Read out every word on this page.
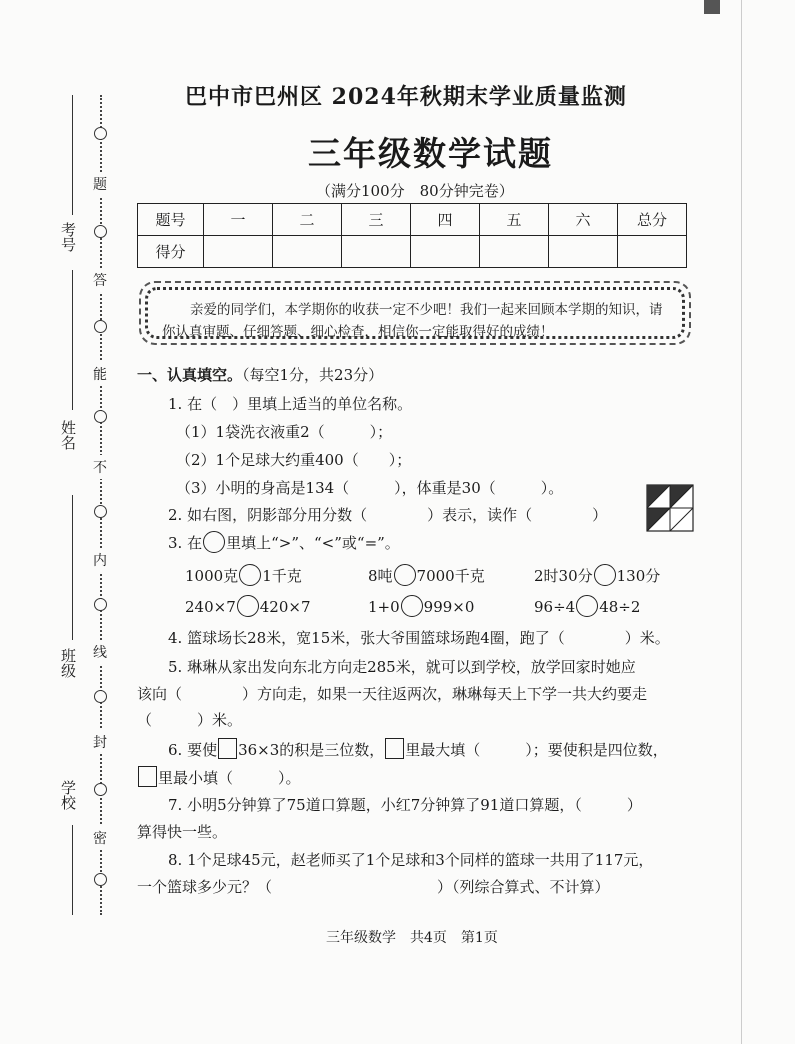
题
答
能
不
内
线
封
密
考号
姓名
班级
学校
巴中市巴州区 2024年秋期末学业质量监测
三年级数学试题
（满分100分　80分钟完卷）
题号	一	二	三	四	五	六	总分
得分							
亲爱的同学们，本学期你的收获一定不少吧！我们一起来回顾本学期的知识，请你认真审题、仔细答题、细心检查，相信你一定能取得好的成绩！
一、认真填空。（每空1分，共23分）
1. 在（　）里填上适当的单位名称。
（1）1袋洗衣液重2（　　　）；
（2）1个足球大约重400（　　）；
（3）小明的身高是134（　　　），体重是30（　　　）。
2. 如右图，阴影部分用分数（　　　　）表示，读作（　　　　）
3. 在 里填上“>”、“<”或“=”。
1000克 1千克	8吨 7000千克	2时30分 130分
240×7 420×7	1+0 999×0	96÷4 48÷2
4. 篮球场长28米，宽15米，张大爷围篮球场跑4圈，跑了（　　　　）米。
5. 琳琳从家出发向东北方向走285米，就可以到学校，放学回家时她应
该向（　　　　）方向走，如果一天往返两次，琳琳每天上下学一共大约要走
（　　　）米。
6. 要使 36×3的积是三位数， 里最大填（　　　）；要使积是四位数，
里最小填（　　　）。
7. 小明5分钟算了75道口算题，小红7分钟算了91道口算题，（　　　）
算得快一些。
8. 1个足球45元，赵老师买了1个足球和3个同样的篮球一共用了117元，
一个篮球多少元？（　　　　　　　　　　　）（列综合算式、不计算）
三年级数学　共4页　第1页
